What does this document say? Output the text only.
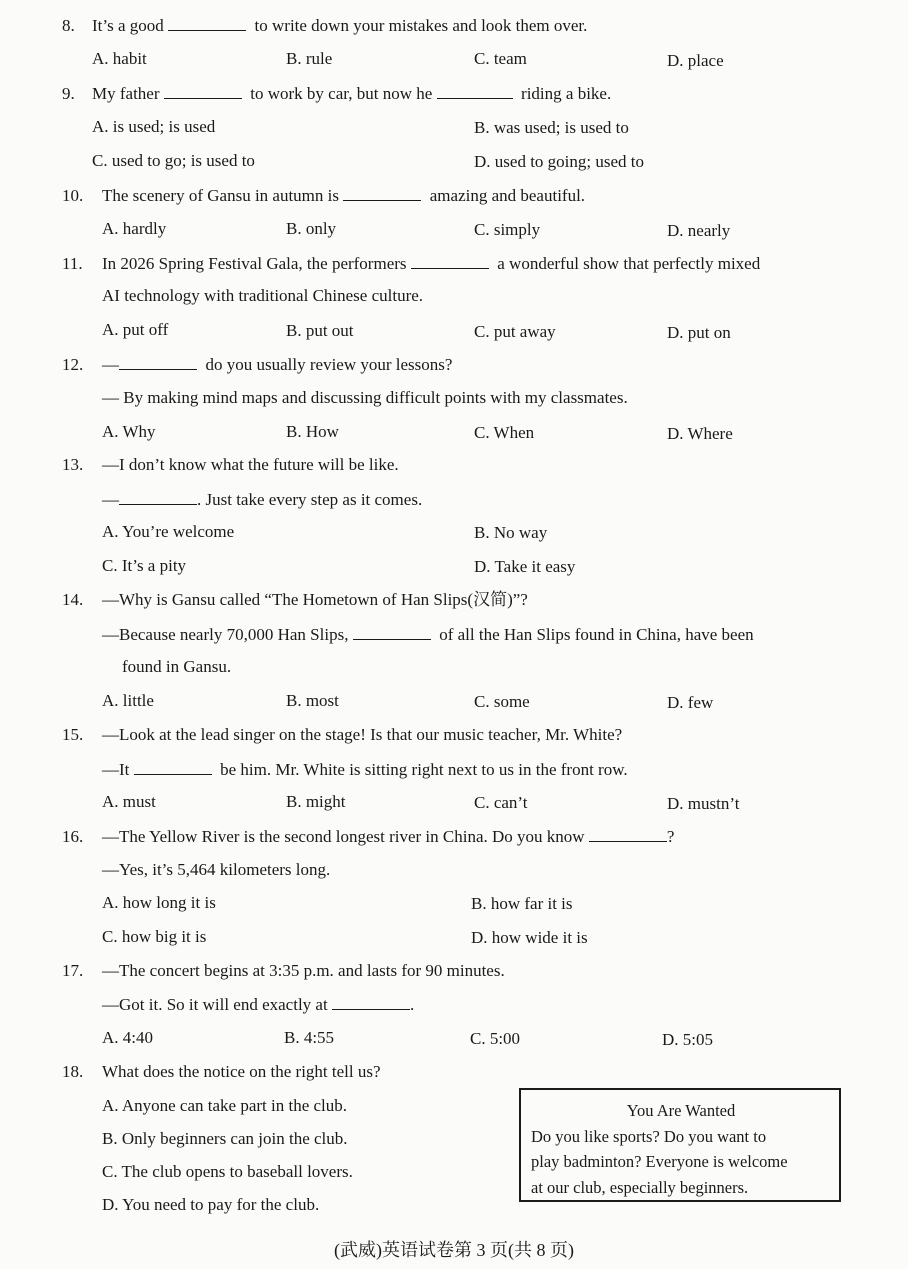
8. It’s a good	to write down your mistakes and look them over.
A. habit	B. rule	C. team	D. place
9. My father	to work by car, but now he	riding a bike.
A. is used; is used	B. was used; is used to
C. used to go; is used to	D. used to going; used to
10. The scenery of Gansu in autumn is	amazing and beautiful.
A. hardly	B. only	C. simply	D. nearly
11. In 2026 Spring Festival Gala, the performers	a wonderful show that perfectly mixed
AI technology with traditional Chinese culture.
A. put off	B. put out	C. put away	D. put on
12. —	do you usually review your lessons?
— By making mind maps and discussing difficult points with my classmates.
A. Why	B. How	C. When	D. Where
13. —I don’t know what the future will be like.
—	. Just take every step as it comes.
A. You’re welcome	B. No way
C. It’s a pity	D. Take it easy
14. —Why is Gansu called “The Hometown of Han Slips(汉简)”?
—Because nearly 70,000 Han Slips,	of all the Han Slips found in China, have been
found in Gansu.
A. little	B. most	C. some	D. few
15. —Look at the lead singer on the stage! Is that our music teacher, Mr. White?
—It	be him. Mr. White is sitting right next to us in the front row.
A. must	B. might	C. can’t	D. mustn’t
16. —The Yellow River is the second longest river in China. Do you know	?
—Yes, it’s 5,464 kilometers long.
A. how long it is	B. how far it is
C. how big it is	D. how wide it is
17. —The concert begins at 3:35 p.m. and lasts for 90 minutes.
—Got it. So it will end exactly at	.
A. 4:40	B. 4:55	C. 5:00	D. 5:05
18. What does the notice on the right tell us?
A. Anyone can take part in the club.
B. Only beginners can join the club.
C. The club opens to baseball lovers.
D. You need to pay for the club.
You Are Wanted
Do you like sports? Do you want to
play badminton? Everyone is welcome
at our club, especially beginners.
(武威)英语试卷第 3 页(共 8 页)
